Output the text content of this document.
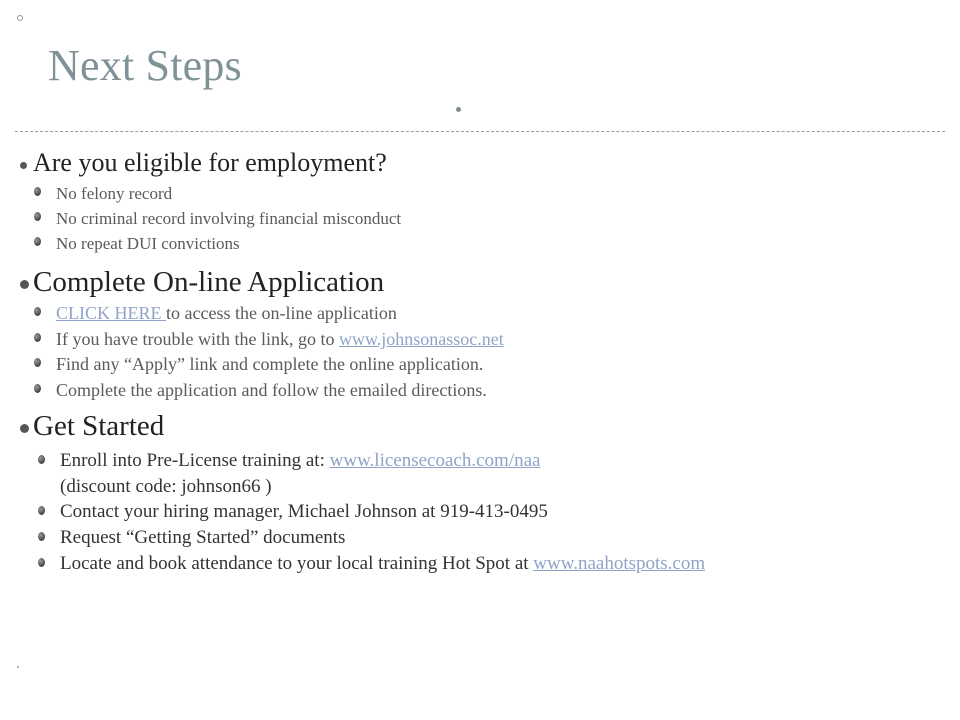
Next Steps
Are you eligible for employment?
No felony record
No criminal record involving financial misconduct
No repeat DUI convictions
Complete On-line Application
CLICK HERE to access the on-line application
If you have trouble with the link, go to www.johnsonassoc.net
Find any “Apply” link and complete the online application.
Complete the application and follow the emailed directions.
Get Started
Enroll into Pre-License training at: www.licensecoach.com/naa
(discount code: johnson66 )
Contact your hiring manager, Michael Johnson at 919-413-0495
Request “Getting Started” documents
Locate and book attendance to your local training Hot Spot at www.naahotspots.com
